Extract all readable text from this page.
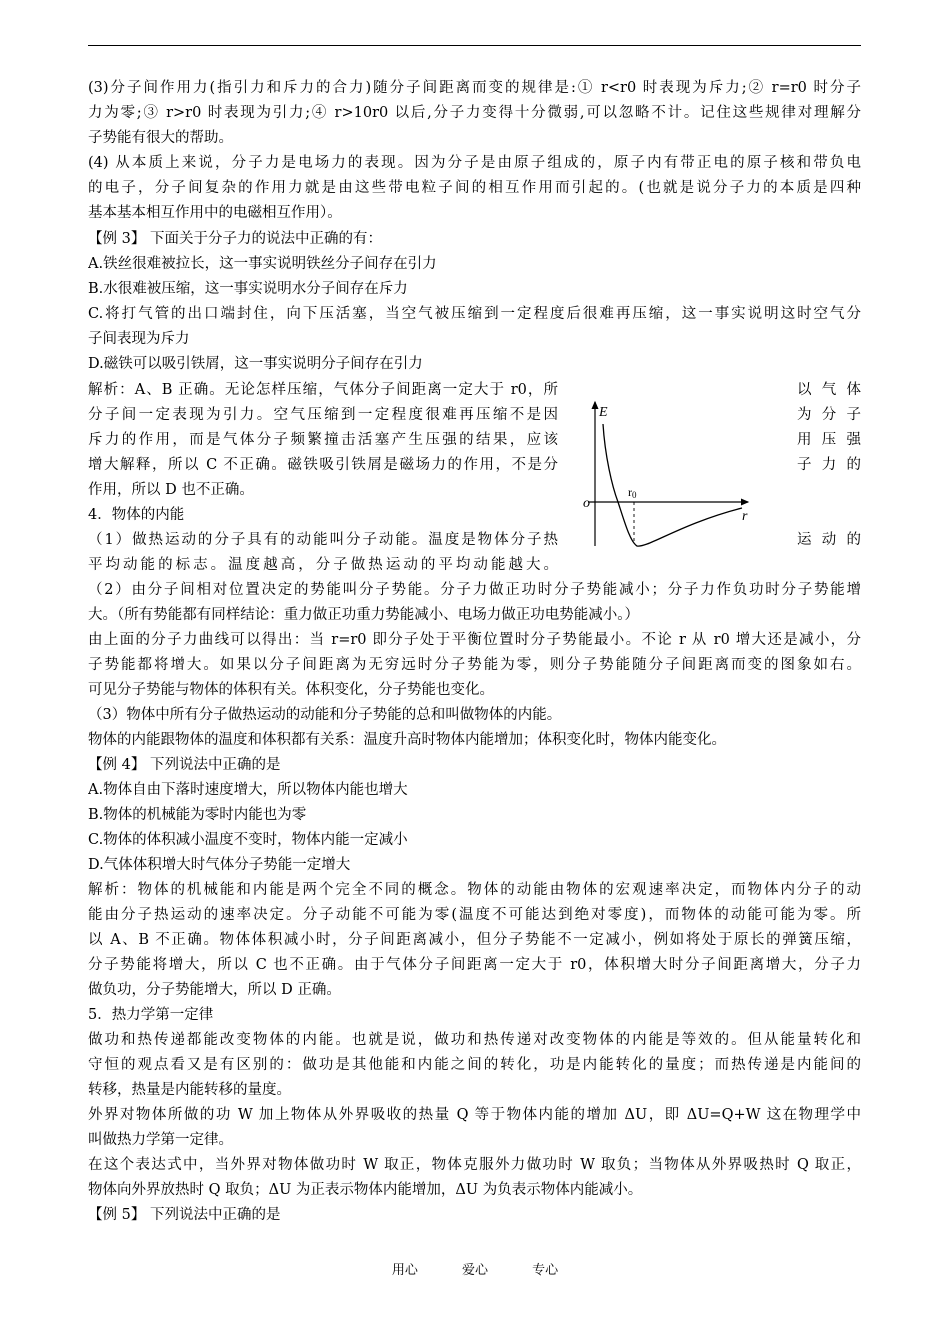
(3)分子间作用力(指引力和斥力的合力)随分子间距离而变的规律是:① r<r0 时表现为斥力;② r=r0 时分子
力为零;③ r>r0 时表现为引力;④ r>10r0 以后,分子力变得十分微弱,可以忽略不计。记住这些规律对理解分
子势能有很大的帮助。
(4) 从本质上来说，分子力是电场力的表现。因为分子是由原子组成的，原子内有带正电的原子核和带负电
的电子，分子间复杂的作用力就是由这些带电粒子间的相互作用而引起的。(也就是说分子力的本质是四种
基本基本相互作用中的电磁相互作用）。
【例 3】 下面关于分子力的说法中正确的有：
A.铁丝很难被拉长，这一事实说明铁丝分子间存在引力
B.水很难被压缩，这一事实说明水分子间存在斥力
C.将打气管的出口端封住，向下压活塞，当空气被压缩到一定程度后很难再压缩，这一事实说明这时空气分
子间表现为斥力
D.磁铁可以吸引铁屑，这一事实说明分子间存在引力
解析：A、B 正确。无论怎样压缩，气体分子间距离一定大于 r0，所
分子间一定表现为引力。空气压缩到一定程度很难再压缩不是因
斥力的作用，而是气体分子频繁撞击活塞产生压强的结果，应该
增大解释，所以 C 不正确。磁铁吸引铁屑是磁场力的作用，不是分
作用，所以 D 也不正确。
4．物体的内能
（1）做热运动的分子具有的动能叫分子动能。温度是物体分子热
平均动能的标志。温度越高，分子做热运动的平均动能越大。
（2）由分子间相对位置决定的势能叫分子势能。分子力做正功时分子势能减小；分子力作负功时分子势能增
大。（所有势能都有同样结论：重力做正功重力势能减小、电场力做正功电势能减小。）
由上面的分子力曲线可以得出：当 r=r0 即分子处于平衡位置时分子势能最小。不论 r 从 r0 增大还是减小，分
子势能都将增大。如果以分子间距离为无穷远时分子势能为零，则分子势能随分子间距离而变的图象如右。
可见分子势能与物体的体积有关。体积变化，分子势能也变化。
（3）物体中所有分子做热运动的动能和分子势能的总和叫做物体的内能。
物体的内能跟物体的温度和体积都有关系：温度升高时物体内能增加；体积变化时，物体内能变化。
【例 4】 下列说法中正确的是
A.物体自由下落时速度增大，所以物体内能也增大
B.物体的机械能为零时内能也为零
C.物体的体积减小温度不变时，物体内能一定减小
D.气体体积增大时气体分子势能一定增大
解析：物体的机械能和内能是两个完全不同的概念。物体的动能由物体的宏观速率决定，而物体内分子的动
能由分子热运动的速率决定。分子动能不可能为零(温度不可能达到绝对零度)，而物体的动能可能为零。所
以 A、B 不正确。物体体积减小时，分子间距离减小，但分子势能不一定减小，例如将处于原长的弹簧压缩，
分子势能将增大，所以 C 也不正确。由于气体分子间距离一定大于 r0，体积增大时分子间距离增大，分子力
做负功，分子势能增大，所以 D 正确。
5．热力学第一定律
做功和热传递都能改变物体的内能。也就是说，做功和热传递对改变物体的内能是等效的。但从能量转化和
守恒的观点看又是有区别的：做功是其他能和内能之间的转化，功是内能转化的量度；而热传递是内能间的
转移，热量是内能转移的量度。
外界对物体所做的功 W 加上物体从外界吸收的热量 Q 等于物体内能的增加 ΔU，即 ΔU=Q+W 这在物理学中
叫做热力学第一定律。
在这个表达式中，当外界对物体做功时 W 取正，物体克服外力做功时 W 取负；当物体从外界吸热时 Q 取正，
物体向外界放热时 Q 取负；ΔU 为正表示物体内能增加，ΔU 为负表示物体内能减小。
【例 5】 下列说法中正确的是
以 气 体
为 分 子
用 压 强
子 力 的
运 动 的
E
r
o
r0
用心	爱心	专心
